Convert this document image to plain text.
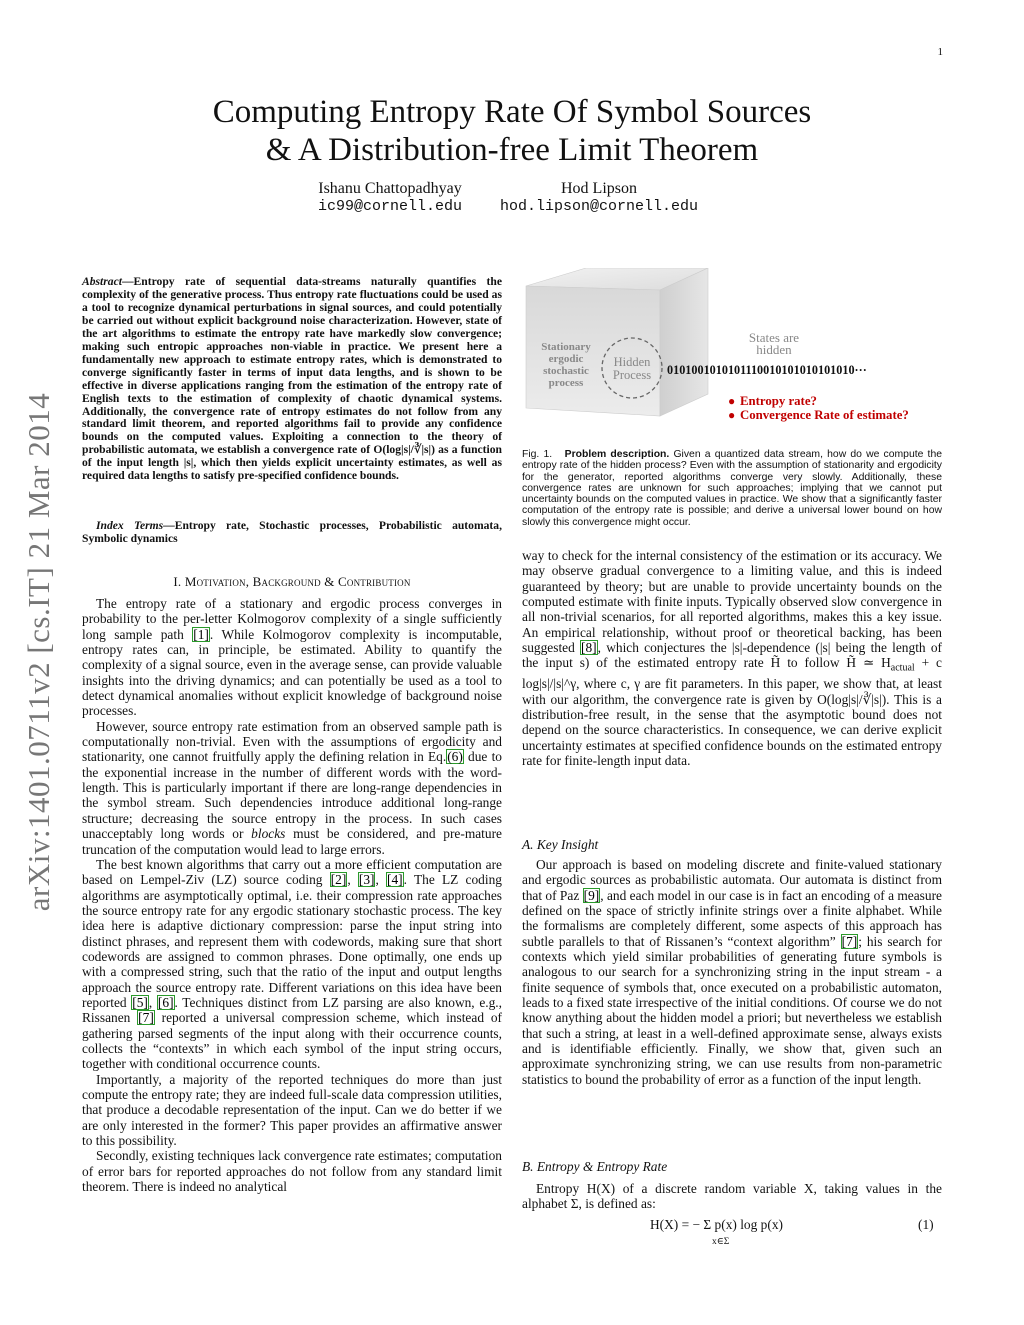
1
arXiv:1401.0711v2 [cs.IT] 21 Mar 2014
Computing Entropy Rate Of Symbol Sources
& A Distribution-free Limit Theorem
Ishanu Chattopadhyay
ic99@cornell.edu
Hod Lipson
hod.lipson@cornell.edu
Abstract—Entropy rate of sequential data-streams naturally quantifies the complexity of the generative process. Thus entropy rate fluctuations could be used as a tool to recognize dynamical perturbations in signal sources, and could potentially be carried out without explicit background noise characterization. However, state of the art algorithms to estimate the entropy rate have markedly slow convergence; making such entropic approaches non-viable in practice. We present here a fundamentally new approach to estimate entropy rates, which is demonstrated to converge significantly faster in terms of input data lengths, and is shown to be effective in diverse applications ranging from the estimation of the entropy rate of English texts to the estimation of complexity of chaotic dynamical systems. Additionally, the convergence rate of entropy estimates do not follow from any standard limit theorem, and reported algorithms fail to provide any confidence bounds on the computed values. Exploiting a connection to the theory of probabilistic automata, we establish a convergence rate of O(log|s|/∛|s|) as a function of the input length |s|, which then yields explicit uncertainty estimates, as well as required data lengths to satisfy pre-specified confidence bounds.
Index Terms—Entropy rate, Stochastic processes, Probabilistic automata, Symbolic dynamics
I. Motivation, Background & Contribution

The entropy rate of a stationary and ergodic process converges in probability to the per-letter Kolmogorov complexity of a single sufficiently long sample path [1]. While Kolmogorov complexity is incomputable, entropy rates can, in principle, be estimated. Ability to quantify the complexity of a signal source, even in the average sense, can provide valuable insights into the driving dynamics; and can potentially be used as a tool to detect dynamical anomalies without explicit knowledge of background noise processes.

However, source entropy rate estimation from an observed sample path is computationally non-trivial. Even with the assumptions of ergodicity and stationarity, one cannot fruitfully apply the defining relation in Eq.(6) due to the exponential increase in the number of different words with the word-length. This is particularly important if there are long-range dependencies in the symbol stream. Such dependencies introduce additional long-range structure; decreasing the source entropy in the process. In such cases unacceptably long words or blocks must be considered, and pre-mature truncation of the computation would lead to large errors.

The best known algorithms that carry out a more efficient computation are based on Lempel-Ziv (LZ) source coding [2], [3], [4]. The LZ coding algorithms are asymptotically optimal, i.e. their compression rate approaches the source entropy rate for any ergodic stationary stochastic process. The key idea here is adaptive dictionary compression: parse the input string into distinct phrases, and represent them with codewords, making sure that short codewords are assigned to common phrases. Done optimally, one ends up with a compressed string, such that the ratio of the input and output lengths approach the source entropy rate. Different variations on this idea have been reported [5], [6]. Techniques distinct from LZ parsing are also known, e.g., Rissanen [7] reported a universal compression scheme, which instead of gathering parsed segments of the input along with their occurrence counts, collects the “contexts” in which each symbol of the input string occurs, together with conditional occurrence counts.

Importantly, a majority of the reported techniques do more than just compute the entropy rate; they are indeed full-scale data compression utilities, that produce a decodable representation of the input. Can we do better if we are only interested in the former? This paper provides an affirmative answer to this possibility.

Secondly, existing techniques lack convergence rate estimates; computation of error bars for reported approaches do not follow from any standard limit theorem. There is indeed no analytical

Stationary
ergodic
stochastic
process
Hidden
Process
States are
hidden
0101001010101110010101010101010···
● Entropy rate?
● Convergence Rate of estimate?
Fig. 1. Problem description. Given a quantized data stream, how do we compute the entropy rate of the hidden process? Even with the assumption of stationarity and ergodicity for the generator, reported algorithms converge very slowly. Additionally, these convergence rates are unknown for such approaches; implying that we cannot put uncertainty bounds on the computed values in practice. We show that a significantly faster computation of the entropy rate is possible; and derive a universal lower bound on how slowly this convergence might occur.

way to check for the internal consistency of the estimation or its accuracy. We may observe gradual convergence to a limiting value, and this is indeed guaranteed by theory; but are unable to provide uncertainty bounds on the computed estimate with finite inputs. Typically observed slow convergence in all non-trivial scenarios, for all reported algorithms, makes this a key issue. An empirical relationship, without proof or theoretical backing, has been suggested [8], which conjectures the |s|-dependence (|s| being the length of the input s) of the estimated entropy rate H̃ to follow H̃ ≃ $H_{actual} + c$ log|s|/|s|^γ, where c, γ are fit parameters. In this paper, we show that, at least with our algorithm, the convergence rate is given by O(log|s|/∛|s|). This is a distribution-free result, in the sense that the asymptotic bound does not depend on the source characteristics. In consequence, we can derive explicit uncertainty estimates at specified confidence bounds on the estimated entropy rate for finite-length input data.

A. Key Insight

Our approach is based on modeling discrete and finite-valued stationary and ergodic sources as probabilistic automata. Our automata is distinct from that of Paz [9], and each model in our case is in fact an encoding of a measure defined on the space of strictly infinite strings over a finite alphabet. While the formalisms are completely different, some aspects of this approach has subtle parallels to that of Rissanen’s “context algorithm” [7]; his search for contexts which yield similar probabilities of generating future symbols is analogous to our search for a synchronizing string in the input stream - a finite sequence of symbols that, once executed on a probabilistic automaton, leads to a fixed state irrespective of the initial conditions. Of course we do not know anything about the hidden model a priori; but nevertheless we establish that such a string, at least in a well-defined approximate sense, always exists and is identifiable efficiently. Finally, we show that, given such an approximate synchronizing string, we can use results from non-parametric statistics to bound the probability of error as a function of the input length.

B. Entropy & Entropy Rate

Entropy H(X) of a discrete random variable X, taking values in the alphabet Σ, is defined as:

H(X) = − Σ p(x) log p(x)
x∈Σ
(1)
